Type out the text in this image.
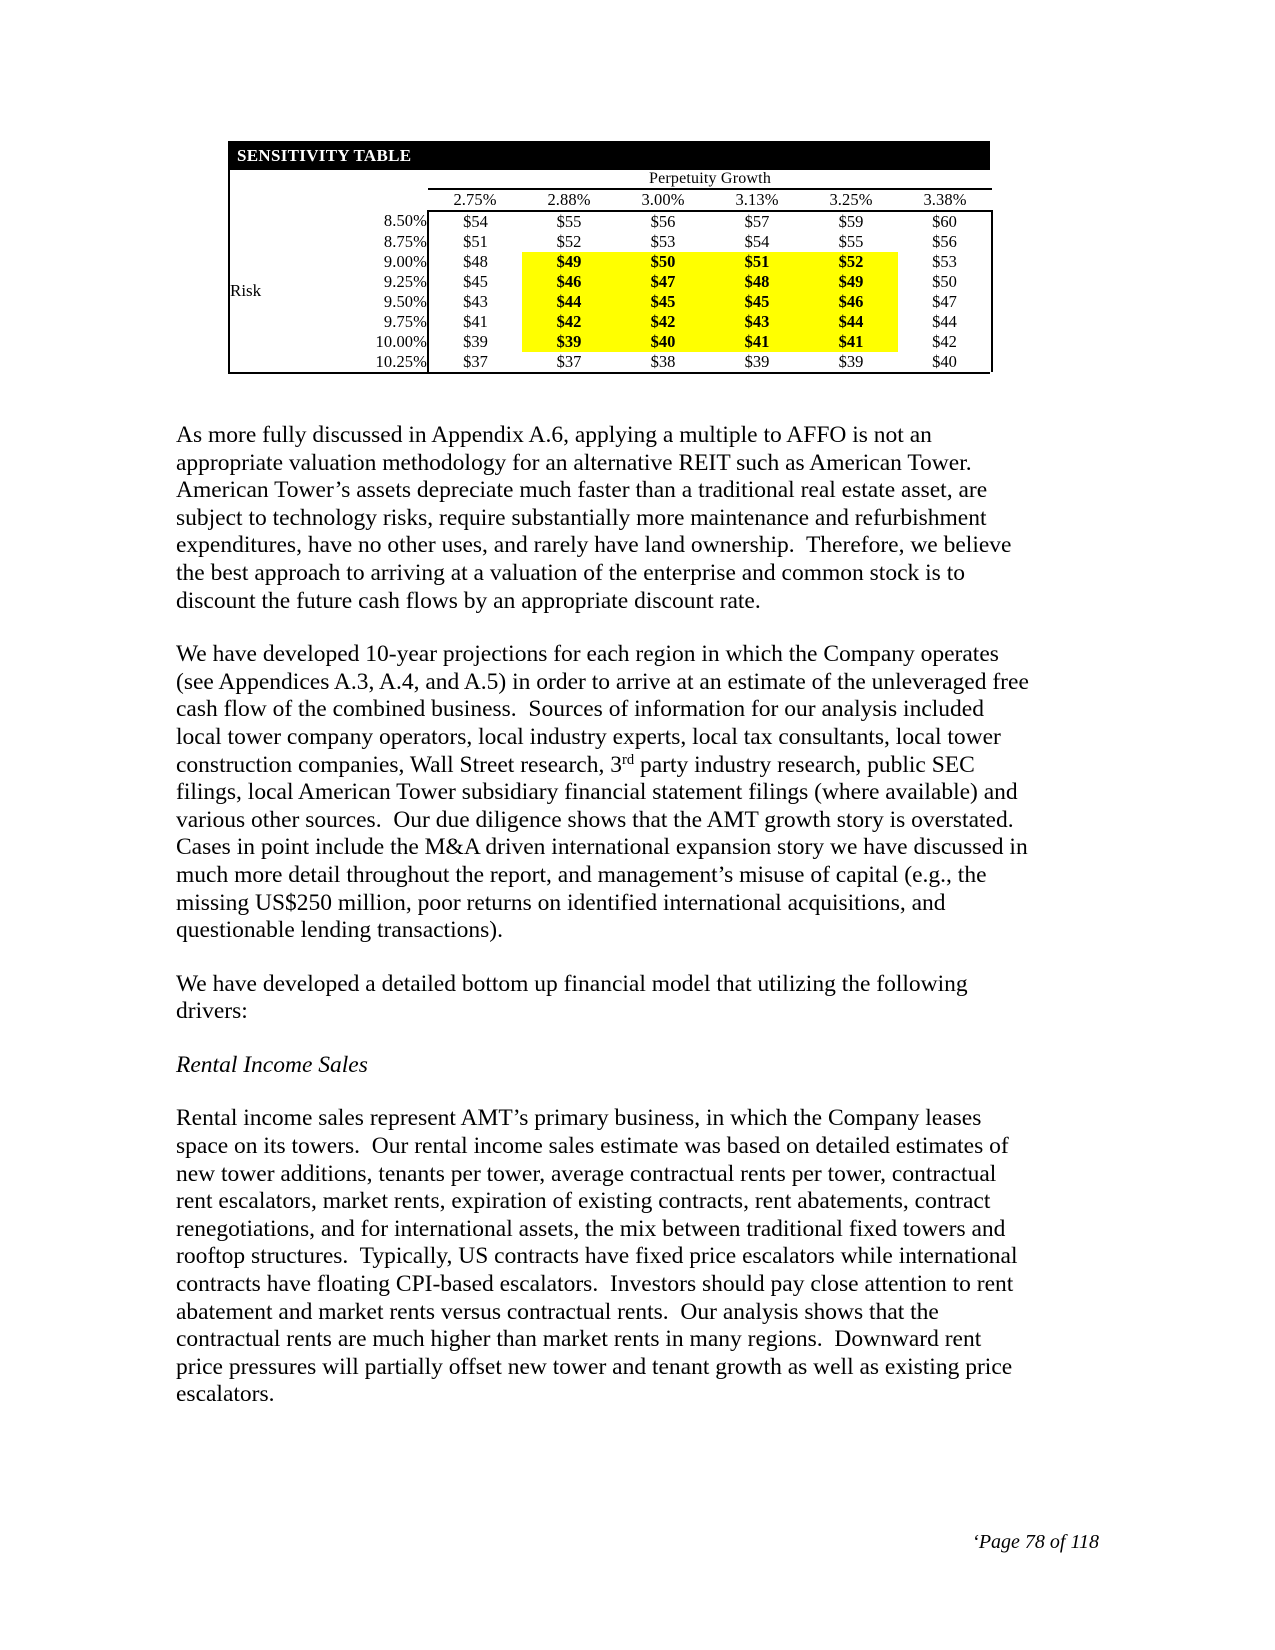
SENSITIVITY TABLE
		Perpetuity Growth					
		2.75%	2.88%	3.00%	3.13%	3.25%	3.38%
Risk	8.50%	$54	$55	$56	$57	$59	$60
	8.75%	$51	$52	$53	$54	$55	$56
	9.00%	$48	$49	$50	$51	$52	$53
	9.25%	$45	$46	$47	$48	$49	$50
	9.50%	$43	$44	$45	$45	$46	$47
	9.75%	$41	$42	$42	$43	$44	$44
	10.00%	$39	$39	$40	$41	$41	$42
	10.25%	$37	$37	$38	$39	$39	$40

As more fully discussed in Appendix A.6, applying a multiple to AFFO is not an appropriate valuation methodology for an alternative REIT such as American Tower.  American Tower’s assets depreciate much faster than a traditional real estate asset, are subject to technology risks, require substantially more maintenance and refurbishment expenditures, have no other uses, and rarely have land ownership.  Therefore, we believe the best approach to arriving at a valuation of the enterprise and common stock is to discount the future cash flows by an appropriate discount rate.

We have developed 10-year projections for each region in which the Company operates (see Appendices A.3, A.4, and A.5) in order to arrive at an estimate of the unleveraged free cash flow of the combined business.  Sources of information for our analysis included local tower company operators, local industry experts, local tax consultants, local tower construction companies, Wall Street research, 3rd party industry research, public SEC filings, local American Tower subsidiary financial statement filings (where available) and various other sources.  Our due diligence shows that the AMT growth story is overstated.  Cases in point include the M&A driven international expansion story we have discussed in much more detail throughout the report, and management’s misuse of capital (e.g., the missing US$250 million, poor returns on identified international acquisitions, and questionable lending transactions).

We have developed a detailed bottom up financial model that utilizing the following drivers:

Rental Income Sales

Rental income sales represent AMT’s primary business, in which the Company leases space on its towers.  Our rental income sales estimate was based on detailed estimates of new tower additions, tenants per tower, average contractual rents per tower, contractual rent escalators, market rents, expiration of existing contracts, rent abatements, contract renegotiations, and for international assets, the mix between traditional fixed towers and rooftop structures.  Typically, US contracts have fixed price escalators while international contracts have floating CPI-based escalators.  Investors should pay close attention to rent abatement and market rents versus contractual rents.  Our analysis shows that the contractual rents are much higher than market rents in many regions.  Downward rent price pressures will partially offset new tower and tenant growth as well as existing price escalators.

‘Page 78 of 118
